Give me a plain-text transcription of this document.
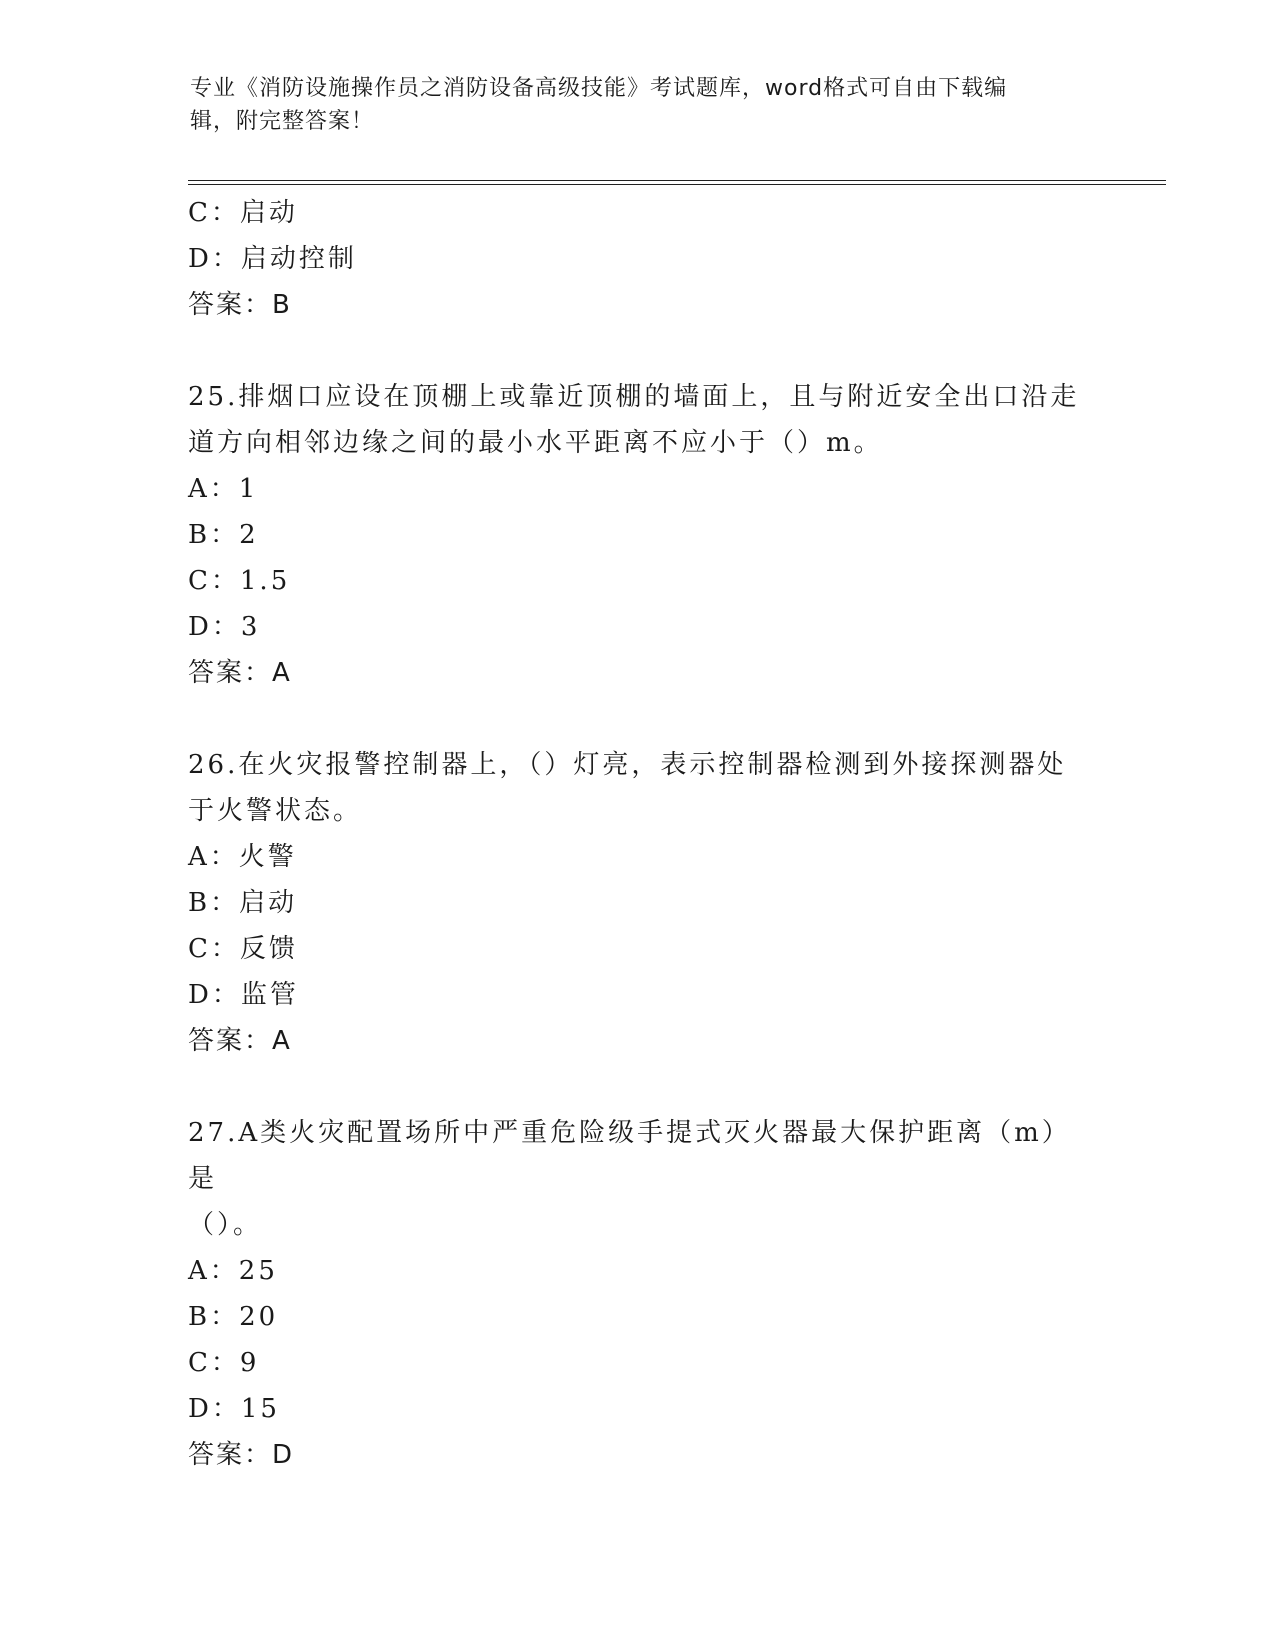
专业《消防设施操作员之消防设备高级技能》考试题库，word格式可自由下载编
辑，附完整答案！

C：启动

D：启动控制

答案：B

25.排烟口应设在顶棚上或靠近顶棚的墙面上，且与附近安全出口沿走

道方向相邻边缘之间的最小水平距离不应小于（）m。

A：1

B：2

C：1.5

D：3

答案：A

26.在火灾报警控制器上，（）灯亮，表示控制器检测到外接探测器处

于火警状态。

A：火警

B：启动

C：反馈

D：监管

答案：A

27.A类火灾配置场所中严重危险级手提式灭火器最大保护距离（m）是

（）。

A：25

B：20

C：9

D：15

答案：D
